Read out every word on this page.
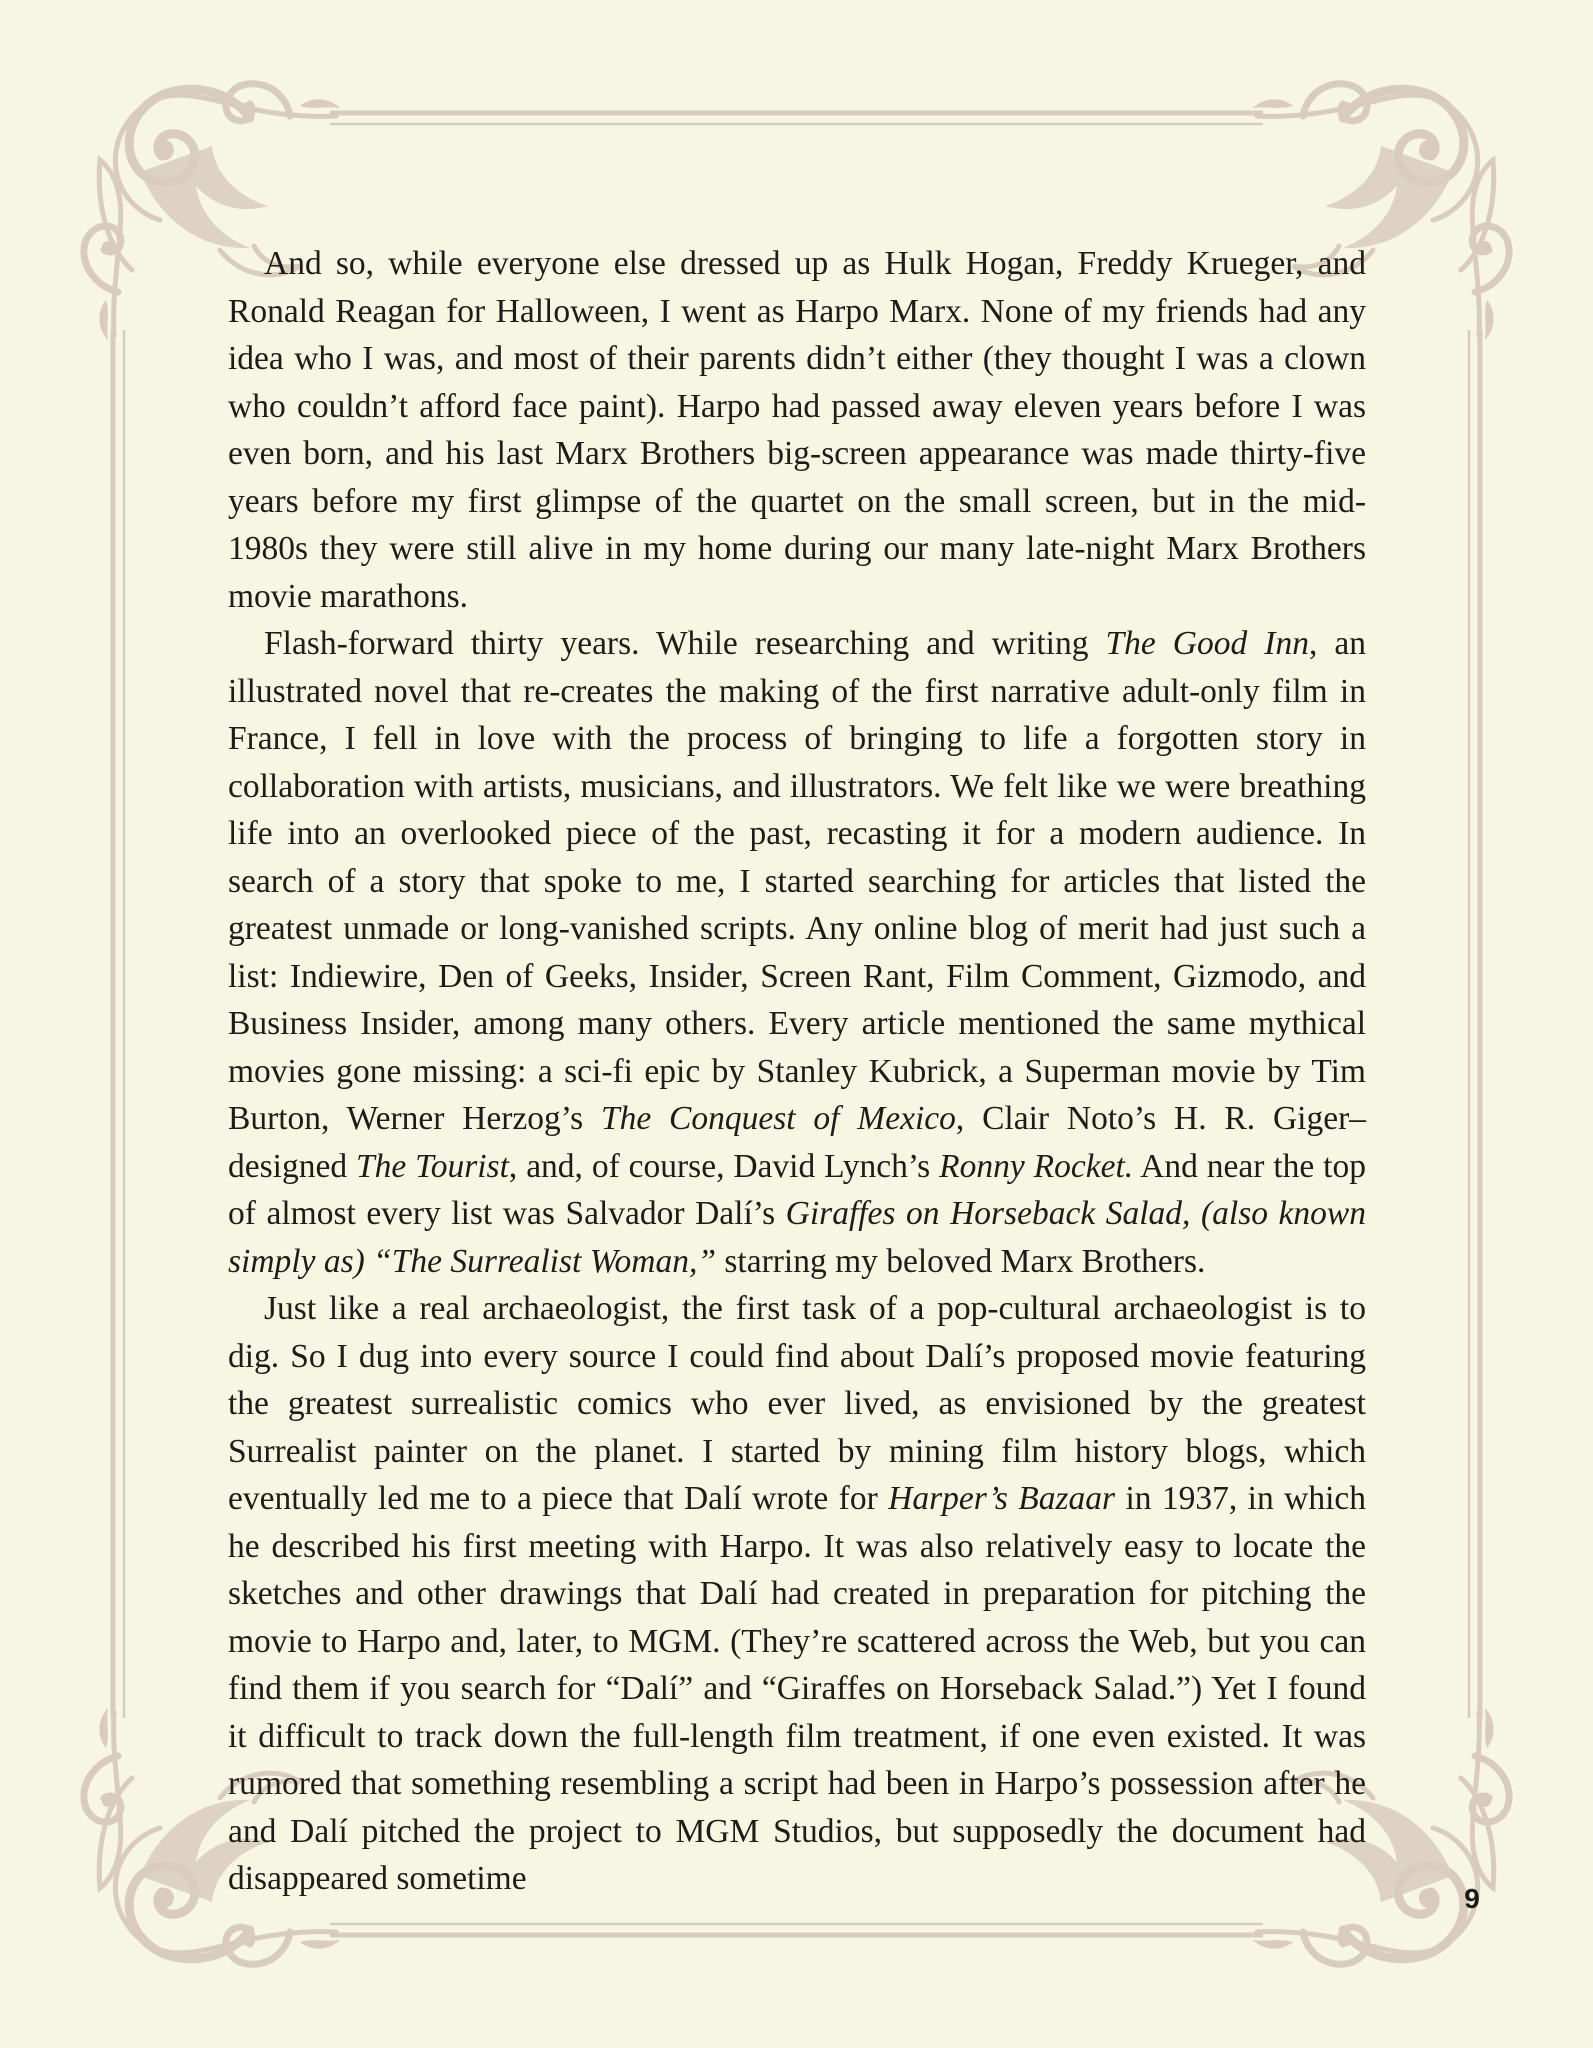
And so, while everyone else dressed up as Hulk Hogan, Freddy Krueger, and Ronald Reagan for Halloween, I went as Harpo Marx. None of my friends had any idea who I was, and most of their parents didn’t either (they thought I was a clown who couldn’t afford face paint). Harpo had passed away eleven years before I was even born, and his last Marx Brothers big-screen appearance was made thirty-five years before my first glimpse of the quartet on the small screen, but in the mid-1980s they were still alive in my home during our many late-night Marx Brothers movie marathons.

Flash-forward thirty years. While researching and writing The Good Inn, an illustrated novel that re-creates the making of the first narrative adult-only film in France, I fell in love with the process of bringing to life a forgotten story in collaboration with artists, musicians, and illustrators. We felt like we were breathing life into an overlooked piece of the past, recasting it for a modern audience. In search of a story that spoke to me, I started searching for articles that listed the greatest unmade or long-vanished scripts. Any online blog of merit had just such a list: Indiewire, Den of Geeks, Insider, Screen Rant, Film Comment, Gizmodo, and Business Insider, among many others. Every article mentioned the same mythical movies gone missing: a sci-fi epic by Stanley Kubrick, a Superman movie by Tim Burton, Werner Herzog’s The Conquest of Mexico, Clair Noto’s H. R. Giger–designed The Tourist, and, of course, David Lynch’s Ronny Rocket. And near the top of almost every list was Salvador Dalí’s Giraffes on Horseback Salad, (also known simply as) “The Surrealist Woman,” starring my beloved Marx Brothers.

Just like a real archaeologist, the first task of a pop-cultural archaeologist is to dig. So I dug into every source I could find about Dalí’s proposed movie featuring the greatest surrealistic comics who ever lived, as envisioned by the greatest Surrealist painter on the planet. I started by mining film history blogs, which eventually led me to a piece that Dalí wrote for Harper’s Bazaar in 1937, in which he described his first meeting with Harpo. It was also relatively easy to locate the sketches and other drawings that Dalí had created in preparation for pitching the movie to Harpo and, later, to MGM. (They’re scattered across the Web, but you can find them if you search for “Dalí” and “Giraffes on Horseback Salad.”) Yet I found it difficult to track down the full-length film treatment, if one even existed. It was rumored that something resembling a script had been in Harpo’s possession after he and Dalí pitched the project to MGM Studios, but supposedly the document had disappeared sometime

9
